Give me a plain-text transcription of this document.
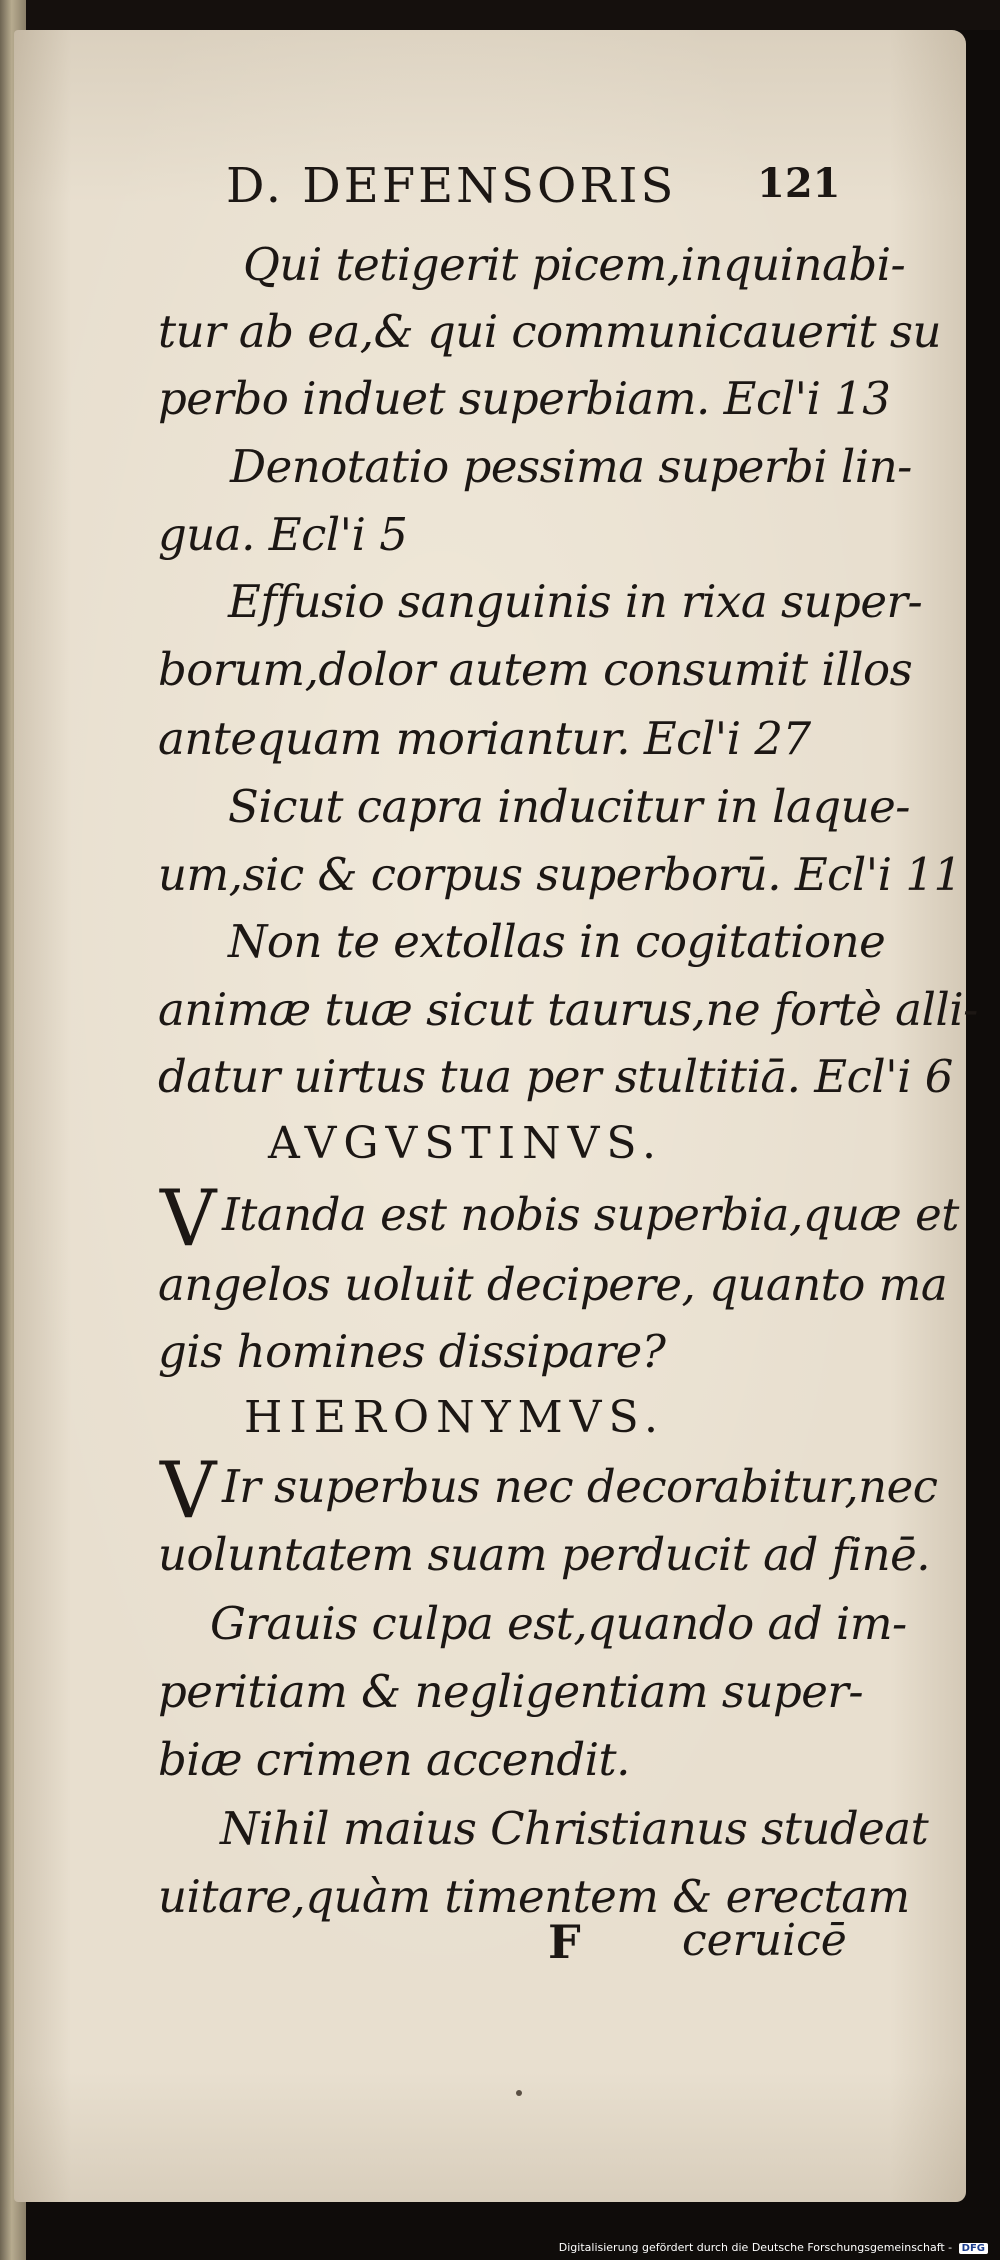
D. DEFENSORIS 121
Qui tetigerit picem,inquinabi-
tur ab ea,& qui communicauerit su
perbo induet superbiam. Ecl'i 13
Denotatio pessima superbi lin-
gua. Ecl'i 5
Effusio sanguinis in rixa super-
borum,dolor autem consumit illos
antequam moriantur. Ecl'i 27
Sicut capra inducitur in laque-
um,sic & corpus superborū. Ecl'i 11
Non te extollas in cogitatione
animæ tuæ sicut taurus,ne fortè alli-
datur uirtus tua per stultitiā. Ecl'i 6
AVGVSTINVS.
V Itanda est nobis superbia,quæ et
angelos uoluit decipere, quanto ma
gis homines dissipare?
HIERONYMVS.
V Ir superbus nec decorabitur,nec
uoluntatem suam perducit ad finē.
Grauis culpa est,quando ad im-
peritiam & negligentiam super-
biæ crimen accendit.
Nihil maius Christianus studeat
uitare,quàm timentem & erectam
F ceruicē
Digitalisierung gefördert durch die Deutsche Forschungsgemeinschaft - DFG
